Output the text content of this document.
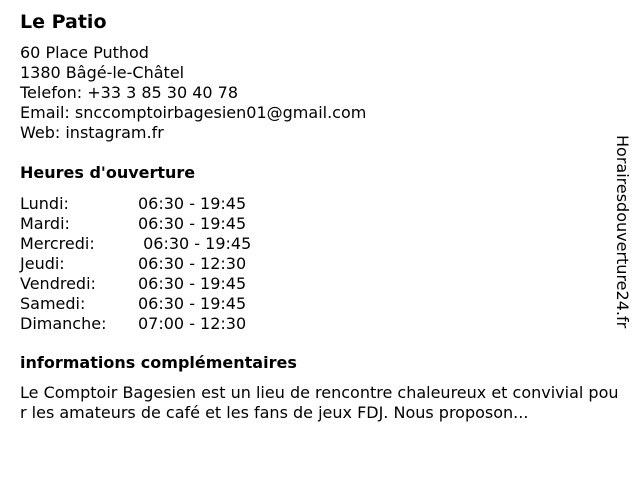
Le Patio
60 Place Puthod
1380 Bâgé-le-Châtel
Telefon: +33 3 85 30 40 78
Email: snccomptoirbagesien01@gmail.com
Web: instagram.fr
Heures d'ouverture
Lundi:	06:30 - 19:45
Mardi:	06:30 - 19:45
Mercredi:	06:30 - 19:45
Jeudi:	06:30 - 12:30
Vendredi:	06:30 - 19:45
Samedi:	06:30 - 19:45
Dimanche: 07:00 - 12:30
informations complémentaires
Le Comptoir Bagesien est un lieu de rencontre chaleureux et convivial pour les amateurs de café et les fans de jeux FDJ. Nous proposon...
Horairesdouverture24.fr
